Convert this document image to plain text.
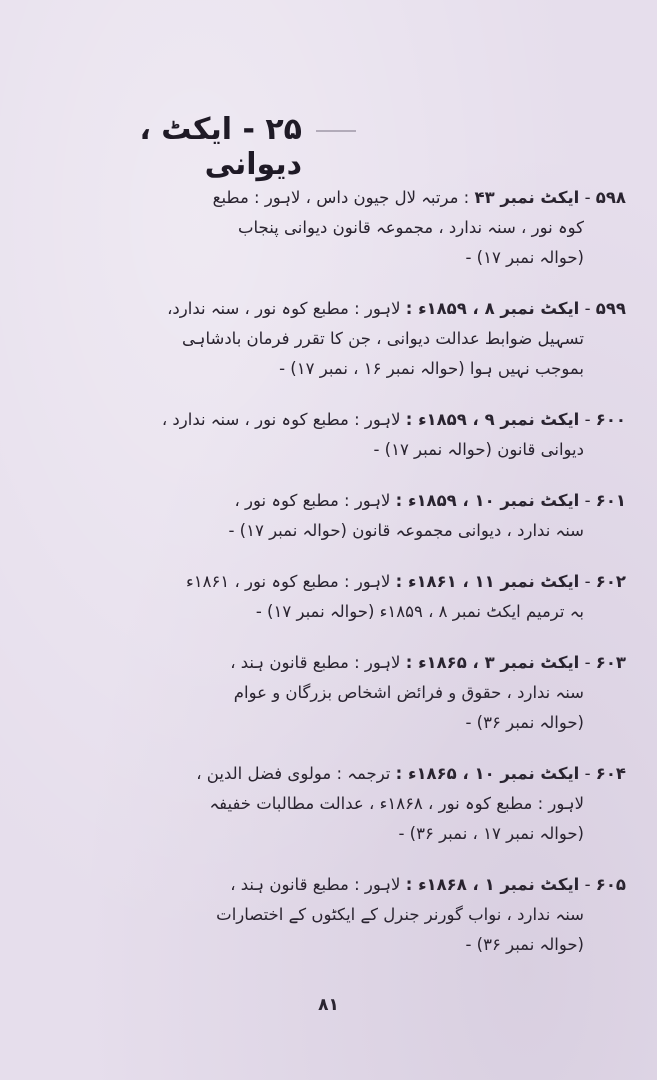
۲۵ - ایکٹ ، دیوانی
۵۹۸ - ایکٹ نمبر ۴۳ : مرتبہ لال جیون داس ، لاہور : مطبع
کوہ نور ، سنہ ندارد ، مجموعہ قانون دیوانی پنجاب
(حوالہ نمبر ۱۷) -
۵۹۹ - ایکٹ نمبر ۸ ، ۱۸۵۹ء : لاہور : مطبع کوہ نور ، سنہ ندارد،
تسہیل ضوابط عدالت دیوانی ، جن کا تقرر فرمان بادشاہی
بموجب نہیں ہوا (حوالہ نمبر ۱۶ ، نمبر ۱۷) -
۶۰۰ - ایکٹ نمبر ۹ ، ۱۸۵۹ء : لاہور : مطبع کوہ نور ، سنہ ندارد ،
دیوانی قانون (حوالہ نمبر ۱۷) -
۶۰۱ - ایکٹ نمبر ۱۰ ، ۱۸۵۹ء : لاہور : مطبع کوہ نور ،
سنہ ندارد ، دیوانی مجموعہ قانون (حوالہ نمبر ۱۷) -
۶۰۲ - ایکٹ نمبر ۱۱ ، ۱۸۶۱ء : لاہور : مطبع کوہ نور ، ۱۸۶۱ء
بہ ترمیم ایکٹ نمبر ۸ ، ۱۸۵۹ء (حوالہ نمبر ۱۷) -
۶۰۳ - ایکٹ نمبر ۳ ، ۱۸۶۵ء : لاہور : مطبع قانون ہند ،
سنہ ندارد ، حقوق و فرائض اشخاص بزرگان و عوام
(حوالہ نمبر ۳۶) -
۶۰۴ - ایکٹ نمبر ۱۰ ، ۱۸۶۵ء : ترجمہ : مولوی فضل الدین ،
لاہور : مطبع کوہ نور ، ۱۸۶۸ء ، عدالت مطالبات خفیفہ
(حوالہ نمبر ۱۷ ، نمبر ۳۶) -
۶۰۵ - ایکٹ نمبر ۱ ، ۱۸۶۸ء : لاہور : مطبع قانون ہند ،
سنہ ندارد ، نواب گورنر جنرل کے ایکٹوں کے اختصارات
(حوالہ نمبر ۳۶) -
۸۱
